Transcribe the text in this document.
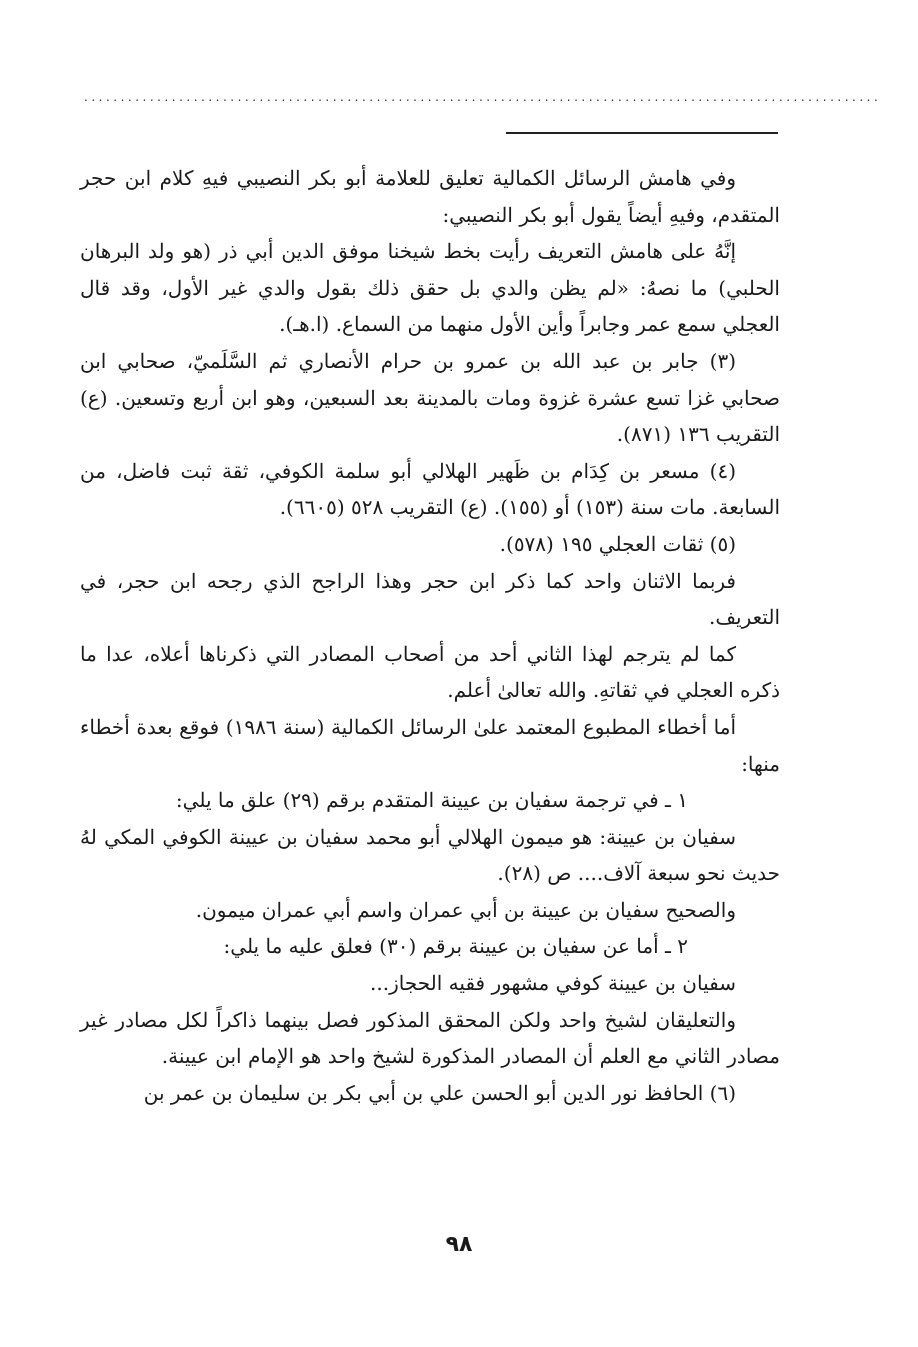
.............................................................................................................

وفي هامش الرسائل الكمالية تعليق للعلامة أبو بكر النصيبي فيهِ كلام ابن حجر المتقدم، وفيهِ أيضاً يقول أبو بكر النصيبي:

إنَّهُ على هامش التعريف رأيت بخط شيخنا موفق الدين أبي ذر (هو ولد البرهان الحلبي) ما نصهُ: «لم يظن والدي بل حقق ذلك بقول والدي غير الأول، وقد قال العجلي سمع عمر وجابراً وأين الأول منهما من السماع. (ا.هـ).

(٣) جابر بن عبد الله بن عمرو بن حرام الأنصاري ثم السَّلَميّ، صحابي ابن صحابي غزا تسع عشرة غزوة ومات بالمدينة بعد السبعين، وهو ابن أربع وتسعين. (ع) التقريب ١٣٦ (٨٧١).

(٤) مسعر بن كِدَام بن ظَهير الهلالي أبو سلمة الكوفي، ثقة ثبت فاضل، من السابعة. مات سنة (١٥٣) أو (١٥٥). (ع) التقريب ٥٢٨ (٦٦٠٥).

(٥) ثقات العجلي ١٩٥ (٥٧٨).

فربما الاثنان واحد كما ذكر ابن حجر وهذا الراجح الذي رجحه ابن حجر، في التعريف.

كما لم يترجم لهذا الثاني أحد من أصحاب المصادر التي ذكرناها أعلاه، عدا ما ذكره العجلي في ثقاتهِ. والله تعالىٰ أعلم.

أما أخطاء المطبوع المعتمد علىٰ الرسائل الكمالية (سنة ١٩٨٦) فوقع بعدة أخطاء منها:

١ ـ في ترجمة سفيان بن عيينة المتقدم برقم (٢٩) علق ما يلي:

سفيان بن عيينة: هو ميمون الهلالي أبو محمد سفيان بن عيينة الكوفي المكي لهُ حديث نحو سبعة آلاف.... ص (٢٨).

والصحيح سفيان بن عيينة بن أبي عمران واسم أبي عمران ميمون.

٢ ـ أما عن سفيان بن عيينة برقم (٣٠) فعلق عليه ما يلي:

سفيان بن عيينة كوفي مشهور فقيه الحجاز...

والتعليقان لشيخ واحد ولكن المحقق المذكور فصل بينهما ذاكراً لكل مصادر غير مصادر الثاني مع العلم أن المصادر المذكورة لشيخ واحد هو الإمام ابن عيينة.

(٦) الحافظ نور الدين أبو الحسن علي بن أبي بكر بن سليمان بن عمر بن

٩٨
